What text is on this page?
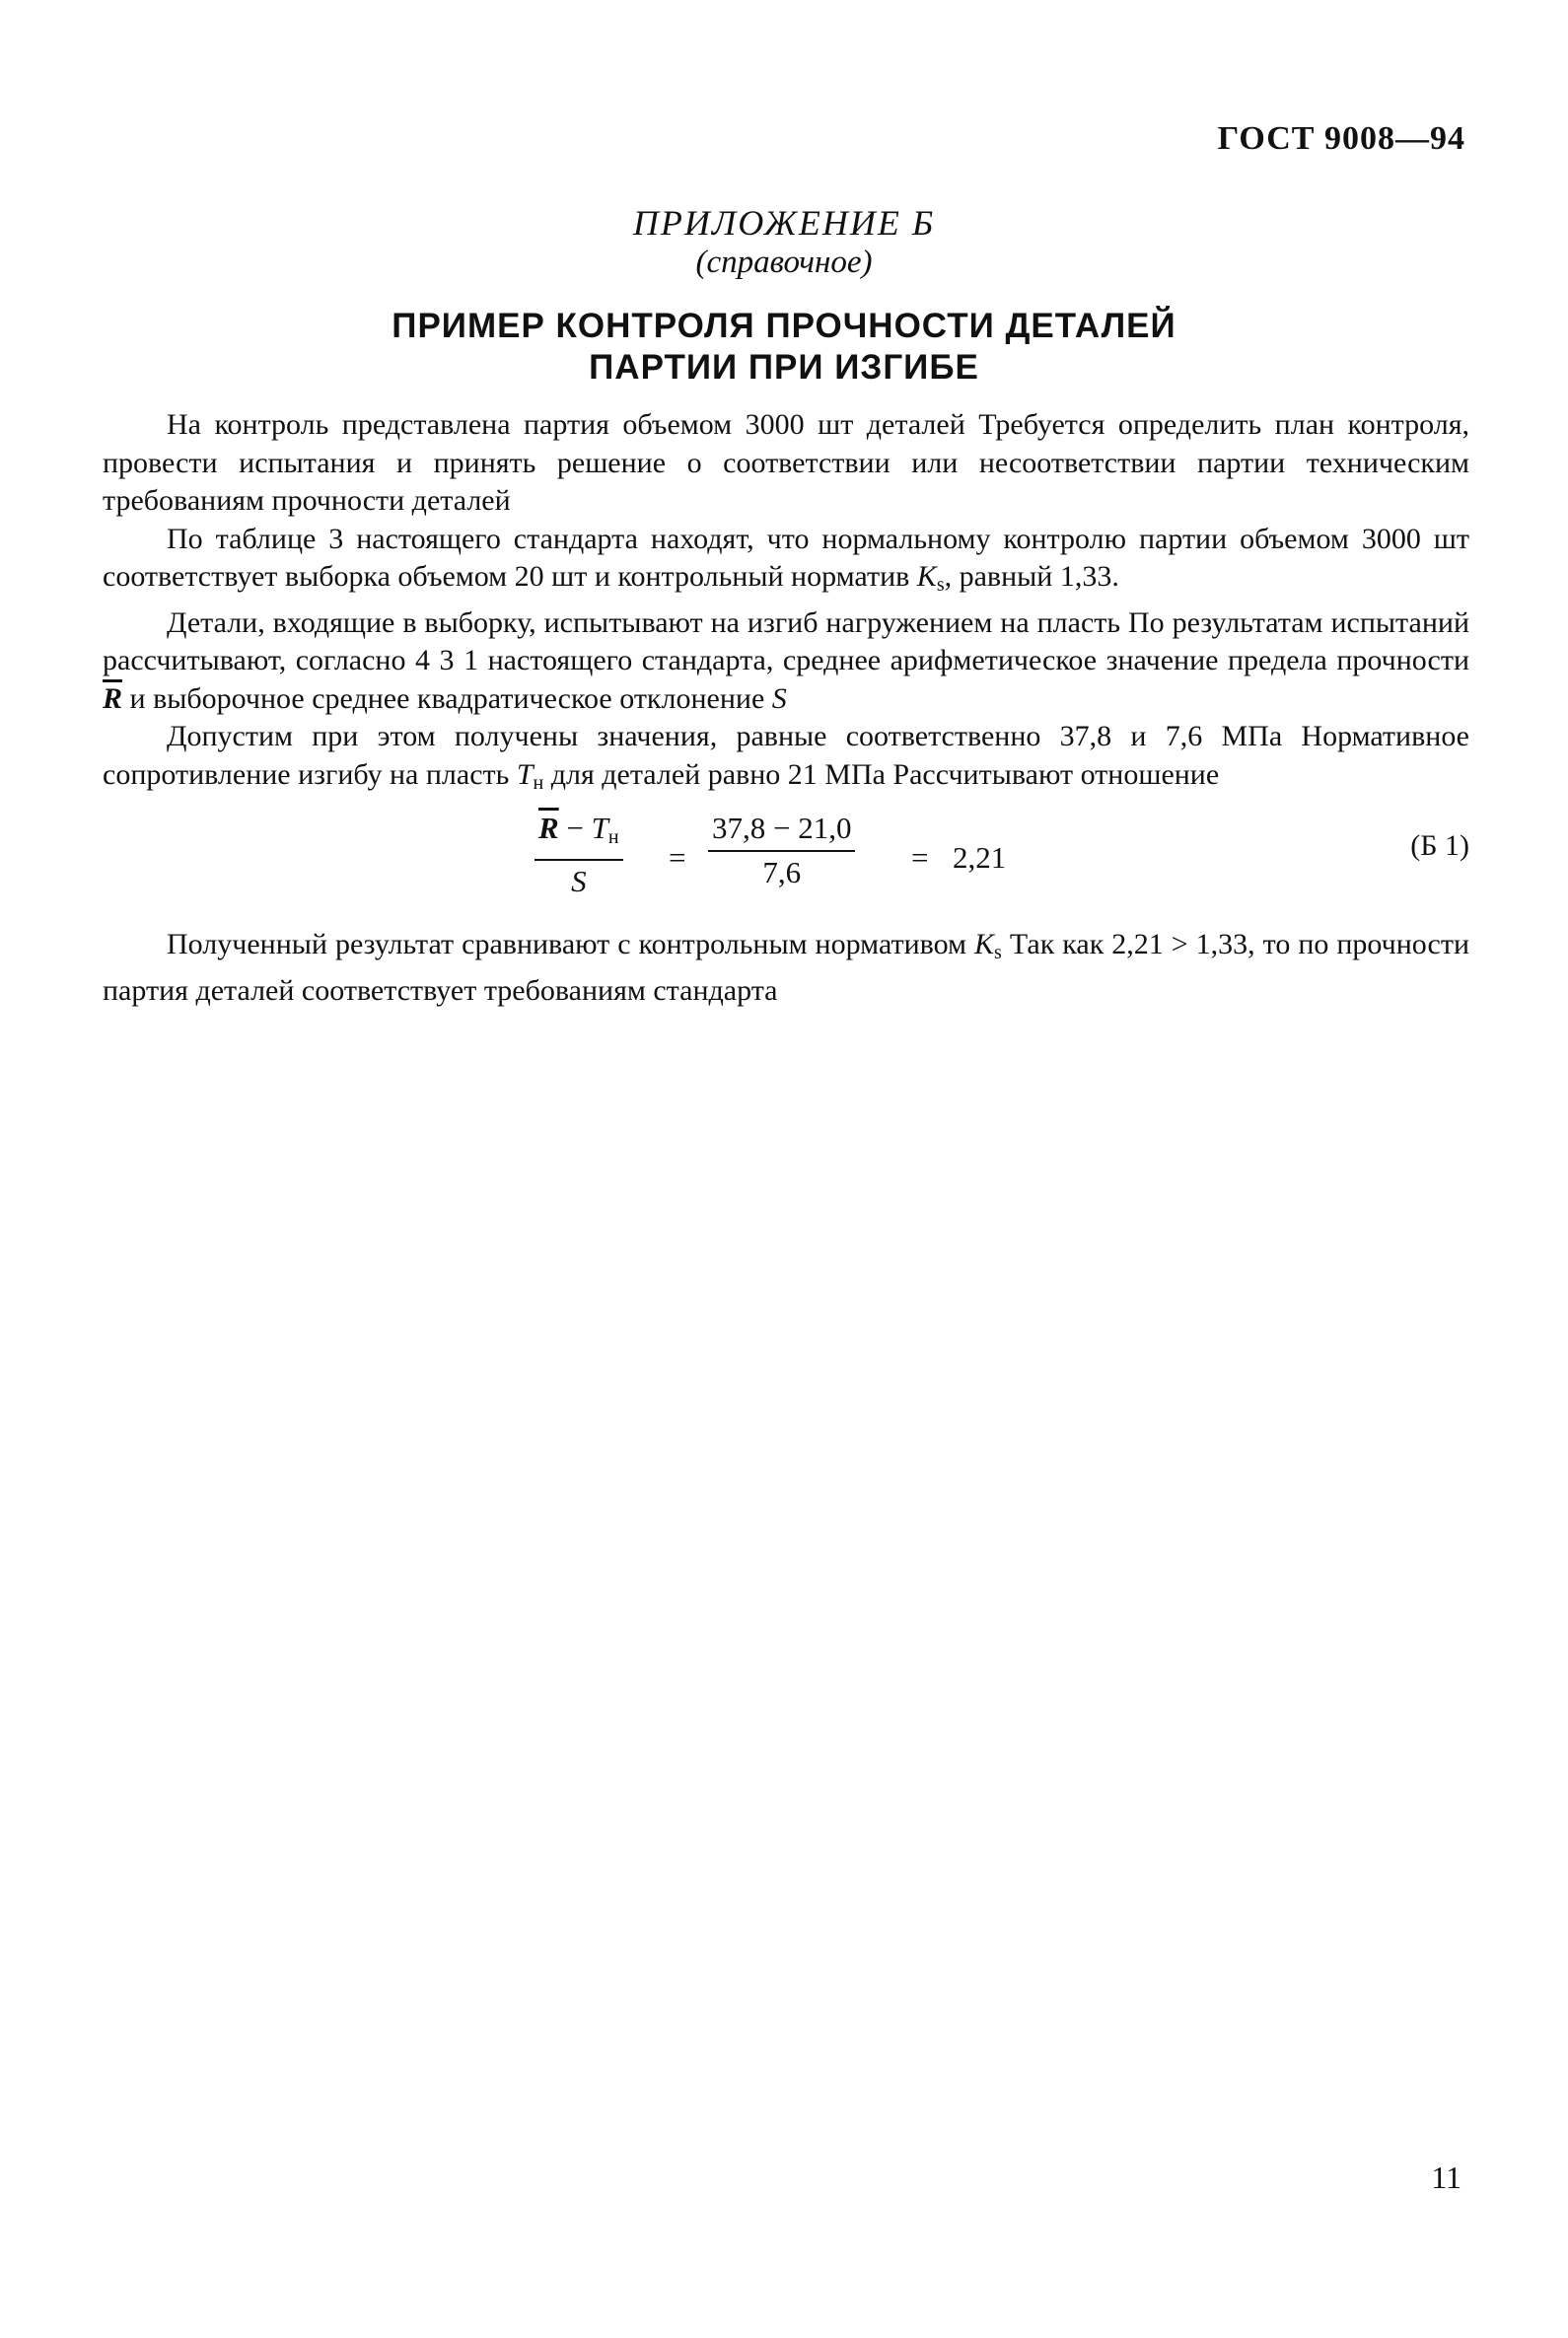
ГОСТ 9008—94
ПРИЛОЖЕНИЕ Б
(справочное)
ПРИМЕР КОНТРОЛЯ ПРОЧНОСТИ ДЕТАЛЕЙ
ПАРТИИ ПРИ ИЗГИБЕ

На контроль представлена партия объемом 3000 шт деталей Требуется определить план контроля, провести испытания и принять решение о соответствии или несоответствии партии техническим требованиям прочности деталей

По таблице 3 настоящего стандарта находят, что нормальному контролю партии объемом 3000 шт соответствует выборка объемом 20 шт и контрольный норматив $K_s$, равный 1,33.

Детали, входящие в выборку, испытывают на изгиб нагружением на пласть По результатам испытаний рассчитывают, согласно 4 3 1 настоящего стандарта, среднее арифметическое значение предела прочности $\overline{R}$ и выборочное среднее квадратическое отклонение S

Допустим при этом получены значения, равные соответственно 37,8 и 7,6 МПа Нормативное сопротивление изгибу на пласть $T_н$ для деталей равно 21 МПа Рассчитывают отношение

$\overline{R} - T_н$
S
= $\frac{37,8 - 21,0}{7,6} = 2,21$	(Б 1)

Полученный результат сравнивают с контрольным нормативом $K_s$ Так как 2,21 > 1,33, то по прочности партия деталей соответствует требованиям стандарта

11
